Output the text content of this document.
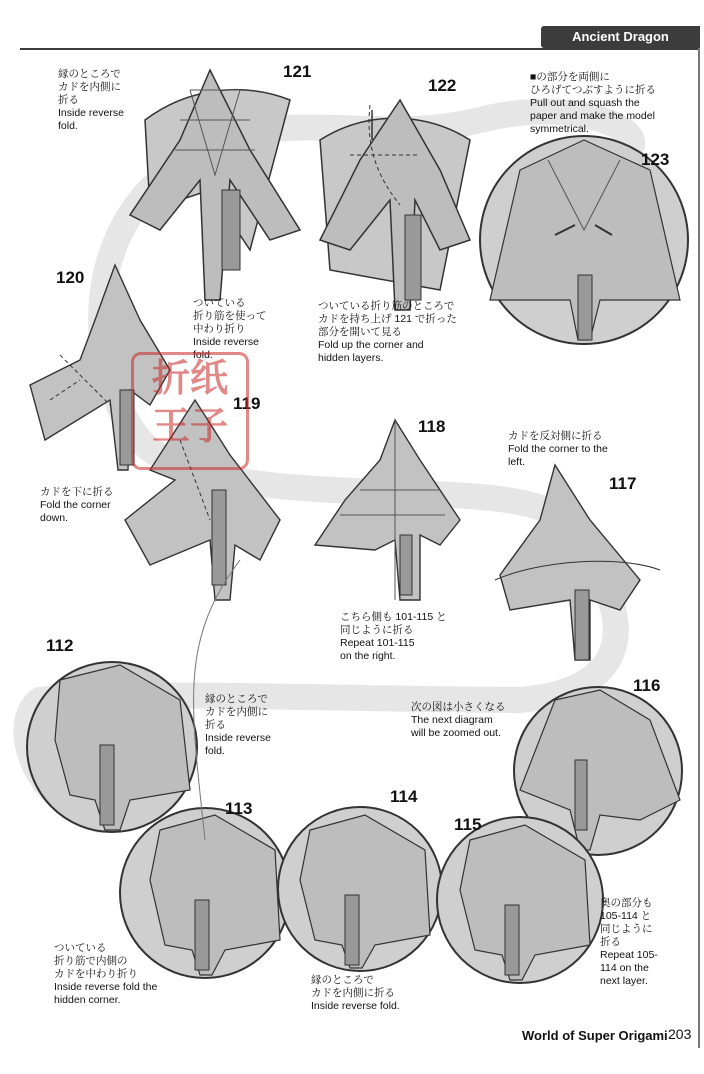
Ancient Dragon
121
122
123
120
119
118
117
116
112
113
114
115
縁のところで
カドを内側に
折る
Inside reverse
fold.
ついている折り筋のところで
カドを持ち上げ 121 で折った
部分を開いて見る
Fold up the corner and
hidden layers.
■の部分を両側に
ひろげてつぶすように折る
Pull out and squash the
paper and make the model
symmetrical.
ついている
折り筋を使って
中わり折り
Inside reverse
fold.
カドを下に折る
Fold the corner
down.
こちら側も 101-115 と
同じように折る
Repeat 101-115
on the right.
カドを反対側に折る
Fold the corner to the
left.
次の図は小さくなる
The next diagram
will be zoomed out.
縁のところで
カドを内側に
折る
Inside reverse
fold.
ついている
折り筋で内側の
カドを中わり折り
Inside reverse fold the
hidden corner.
縁のところで
カドを内側に折る
Inside reverse fold.
奥の部分も
105-114 と
同じように
折る
Repeat 105-
114 on the
next layer.
折纸
王子
World of Super Origami 203
